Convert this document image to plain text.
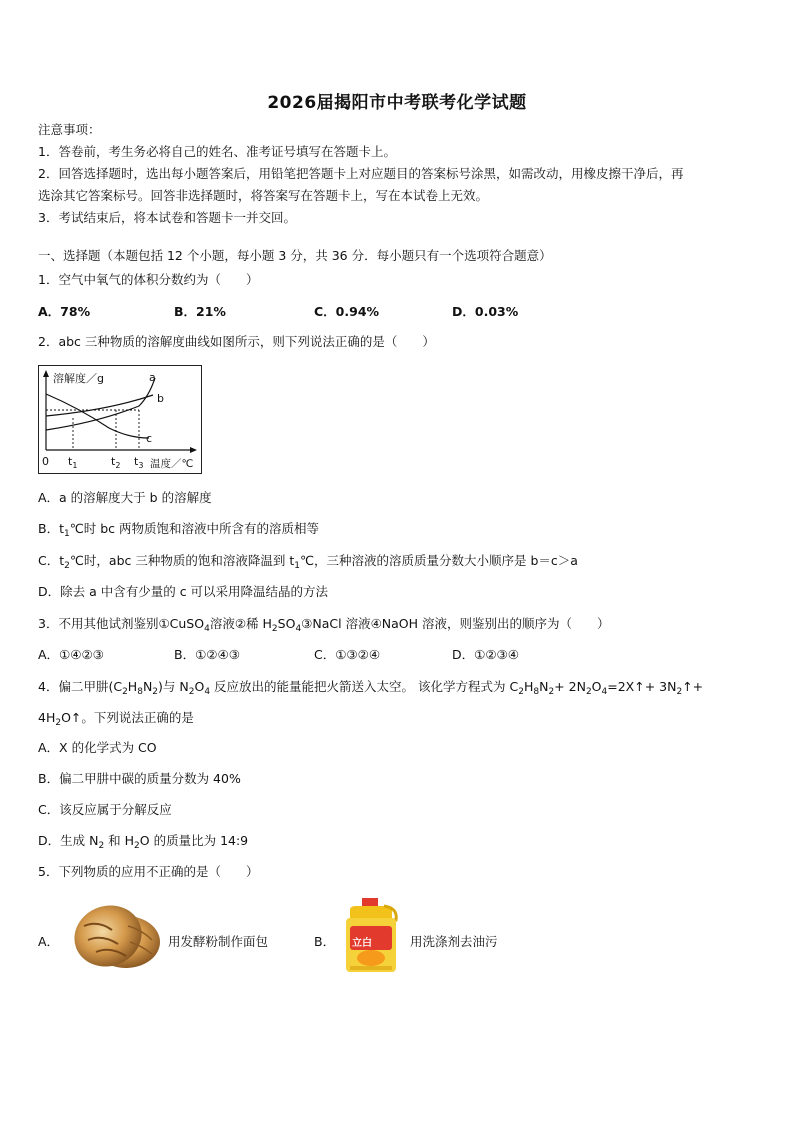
2026届揭阳市中考联考化学试题
注意事项：
1．答卷前，考生务必将自己的姓名、准考证号填写在答题卡上。
2．回答选择题时，选出每小题答案后，用铅笔把答题卡上对应题目的答案标号涂黑，如需改动，用橡皮擦干净后，再
选涂其它答案标号。回答非选择题时，将答案写在答题卡上，写在本试卷上无效。
3．考试结束后，将本试卷和答题卡一并交回。
一、选择题（本题包括 12 个小题，每小题 3 分，共 36 分．每小题只有一个选项符合题意）
1．空气中氧气的体积分数约为（　　）
A．78%	B．21%	C．0.94%	D．0.03%
2．abc 三种物质的溶解度曲线如图所示，则下列说法正确的是（　　）
溶解度／g
温度／℃
0 $t_1$	$t_2$ $t_3$
a
b
c
A．a 的溶解度大于 b 的溶解度
B．$t_1℃$时 bc 两物质饱和溶液中所含有的溶质相等
C．$t_2℃$时，abc 三种物质的饱和溶液降温到 $t_1℃$，三种溶液的溶质质量分数大小顺序是 b＝c＞a
D．除去 a 中含有少量的 c 可以采用降温结晶的方法
3．不用其他试剂鉴别①CuSO$_4$溶液②稀 $H_2SO_4③NaCl$ 溶液④NaOH 溶液，则鉴别出的顺序为（　　）
A．①④②③	B．①②④③	C．①③②④	D．①②③④
4．偏二甲肼$(C_2H_8N_2)$与 $N_2O_4$ 反应放出的能量能把火箭送入太空。 该化学方程式为 $C_2H_8N_2+$ $2N_2O_4=2X↑+$ $3N_2↑+$
$4H_2O↑$。下列说法正确的是
A．X 的化学式为 CO
B．偏二甲肼中碳的质量分数为 40%
C．该反应属于分解反应
D．生成 $N_2$ 和 $H_2O$ 的质量比为 14:9
5．下列物质的应用不正确的是（　　）
A．	用发酵粉制作面包	B． 立白	用洗涤剂去油污
